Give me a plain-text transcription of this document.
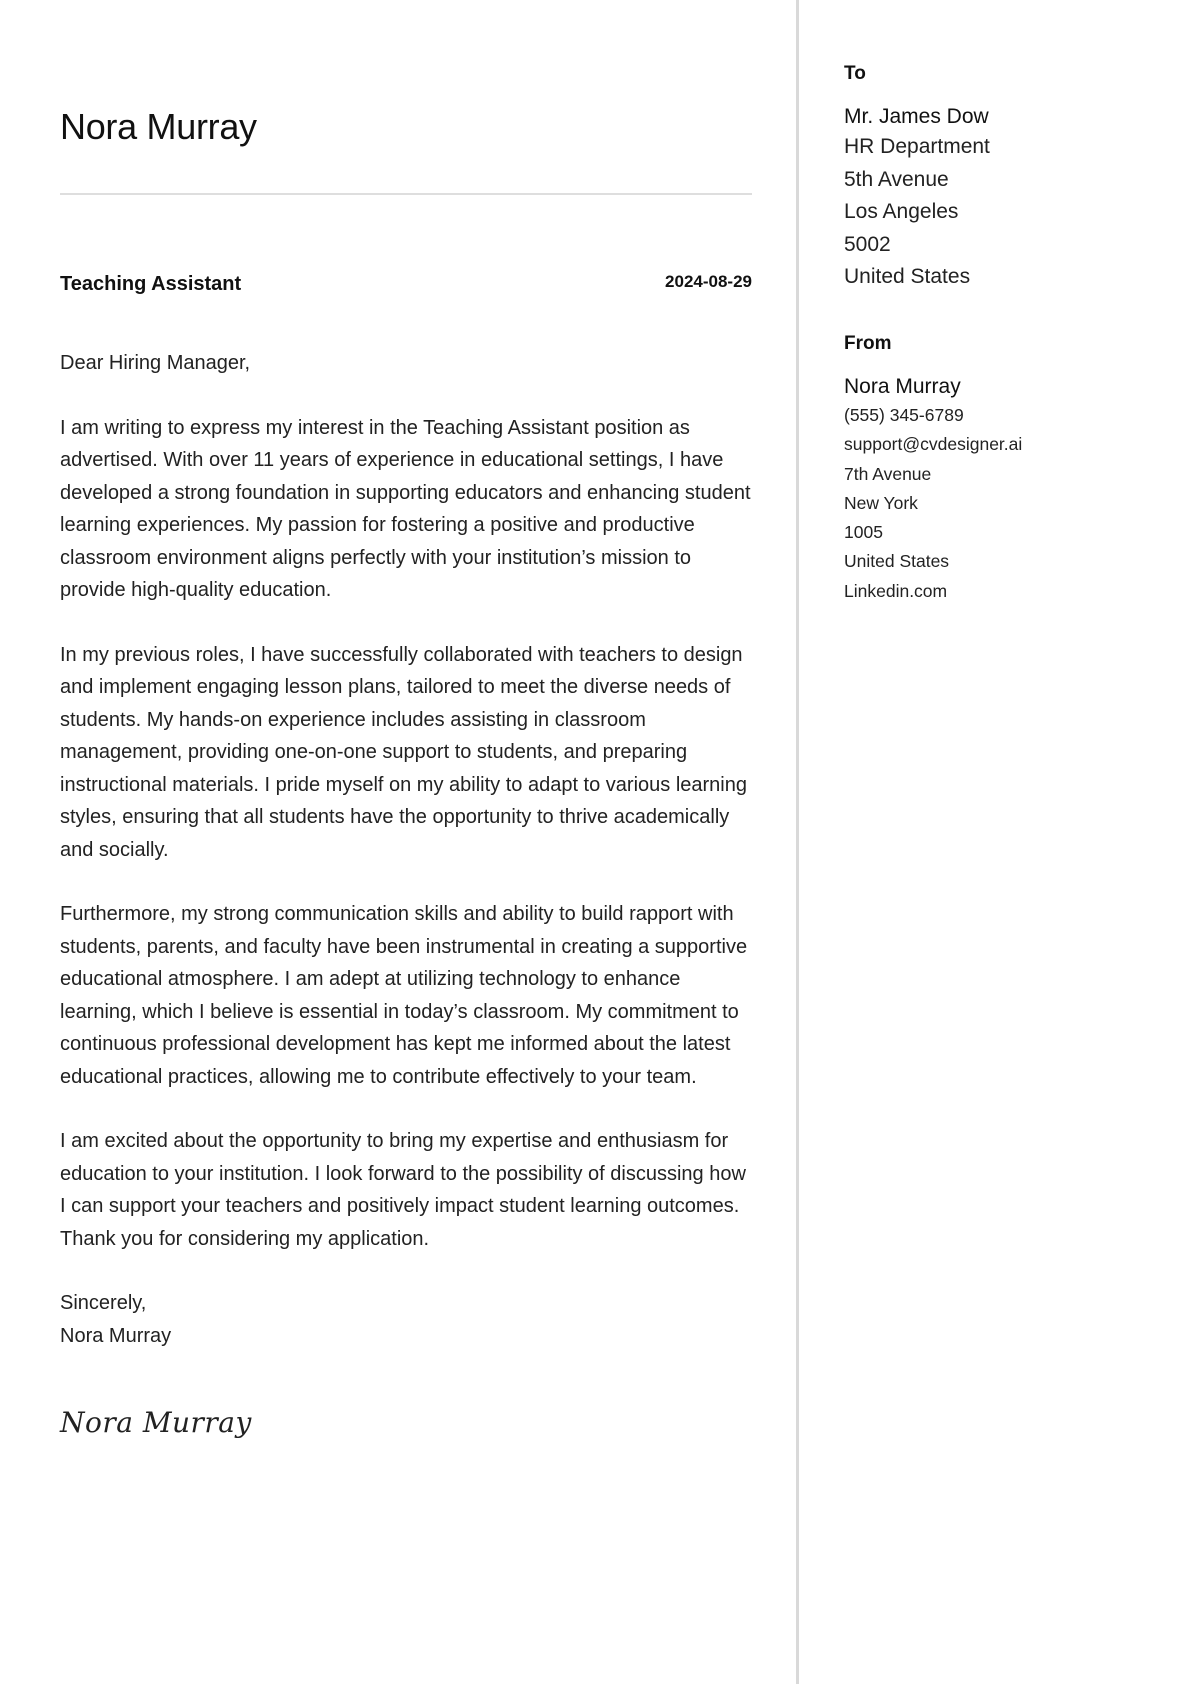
Nora Murray
Teaching Assistant	2024-08-29

Dear Hiring Manager,

I am writing to express my interest in the Teaching Assistant position as advertised. With over 11 years of experience in educational settings, I have developed a strong foundation in supporting educators and enhancing student learning experiences. My passion for fostering a positive and productive classroom environment aligns perfectly with your institution’s mission to provide high-quality education.

In my previous roles, I have successfully collaborated with teachers to design and implement engaging lesson plans, tailored to meet the diverse needs of students. My hands-on experience includes assisting in classroom management, providing one-on-one support to students, and preparing instructional materials. I pride myself on my ability to adapt to various learning styles, ensuring that all students have the opportunity to thrive academically and socially.

Furthermore, my strong communication skills and ability to build rapport with students, parents, and faculty have been instrumental in creating a supportive educational atmosphere. I am adept at utilizing technology to enhance learning, which I believe is essential in today’s classroom. My commitment to continuous professional development has kept me informed about the latest educational practices, allowing me to contribute effectively to your team.

I am excited about the opportunity to bring my expertise and enthusiasm for education to your institution. I look forward to the possibility of discussing how I can support your teachers and positively impact student learning outcomes. Thank you for considering my application.

Sincerely,
Nora Murray
Nora Murray

To

Mr. James Dow

HR Department
5th Avenue
Los Angeles
5002
United States

From

Nora Murray

(555) 345-6789
support@cvdesigner.ai
7th Avenue
New York
1005
United States
Linkedin.com
